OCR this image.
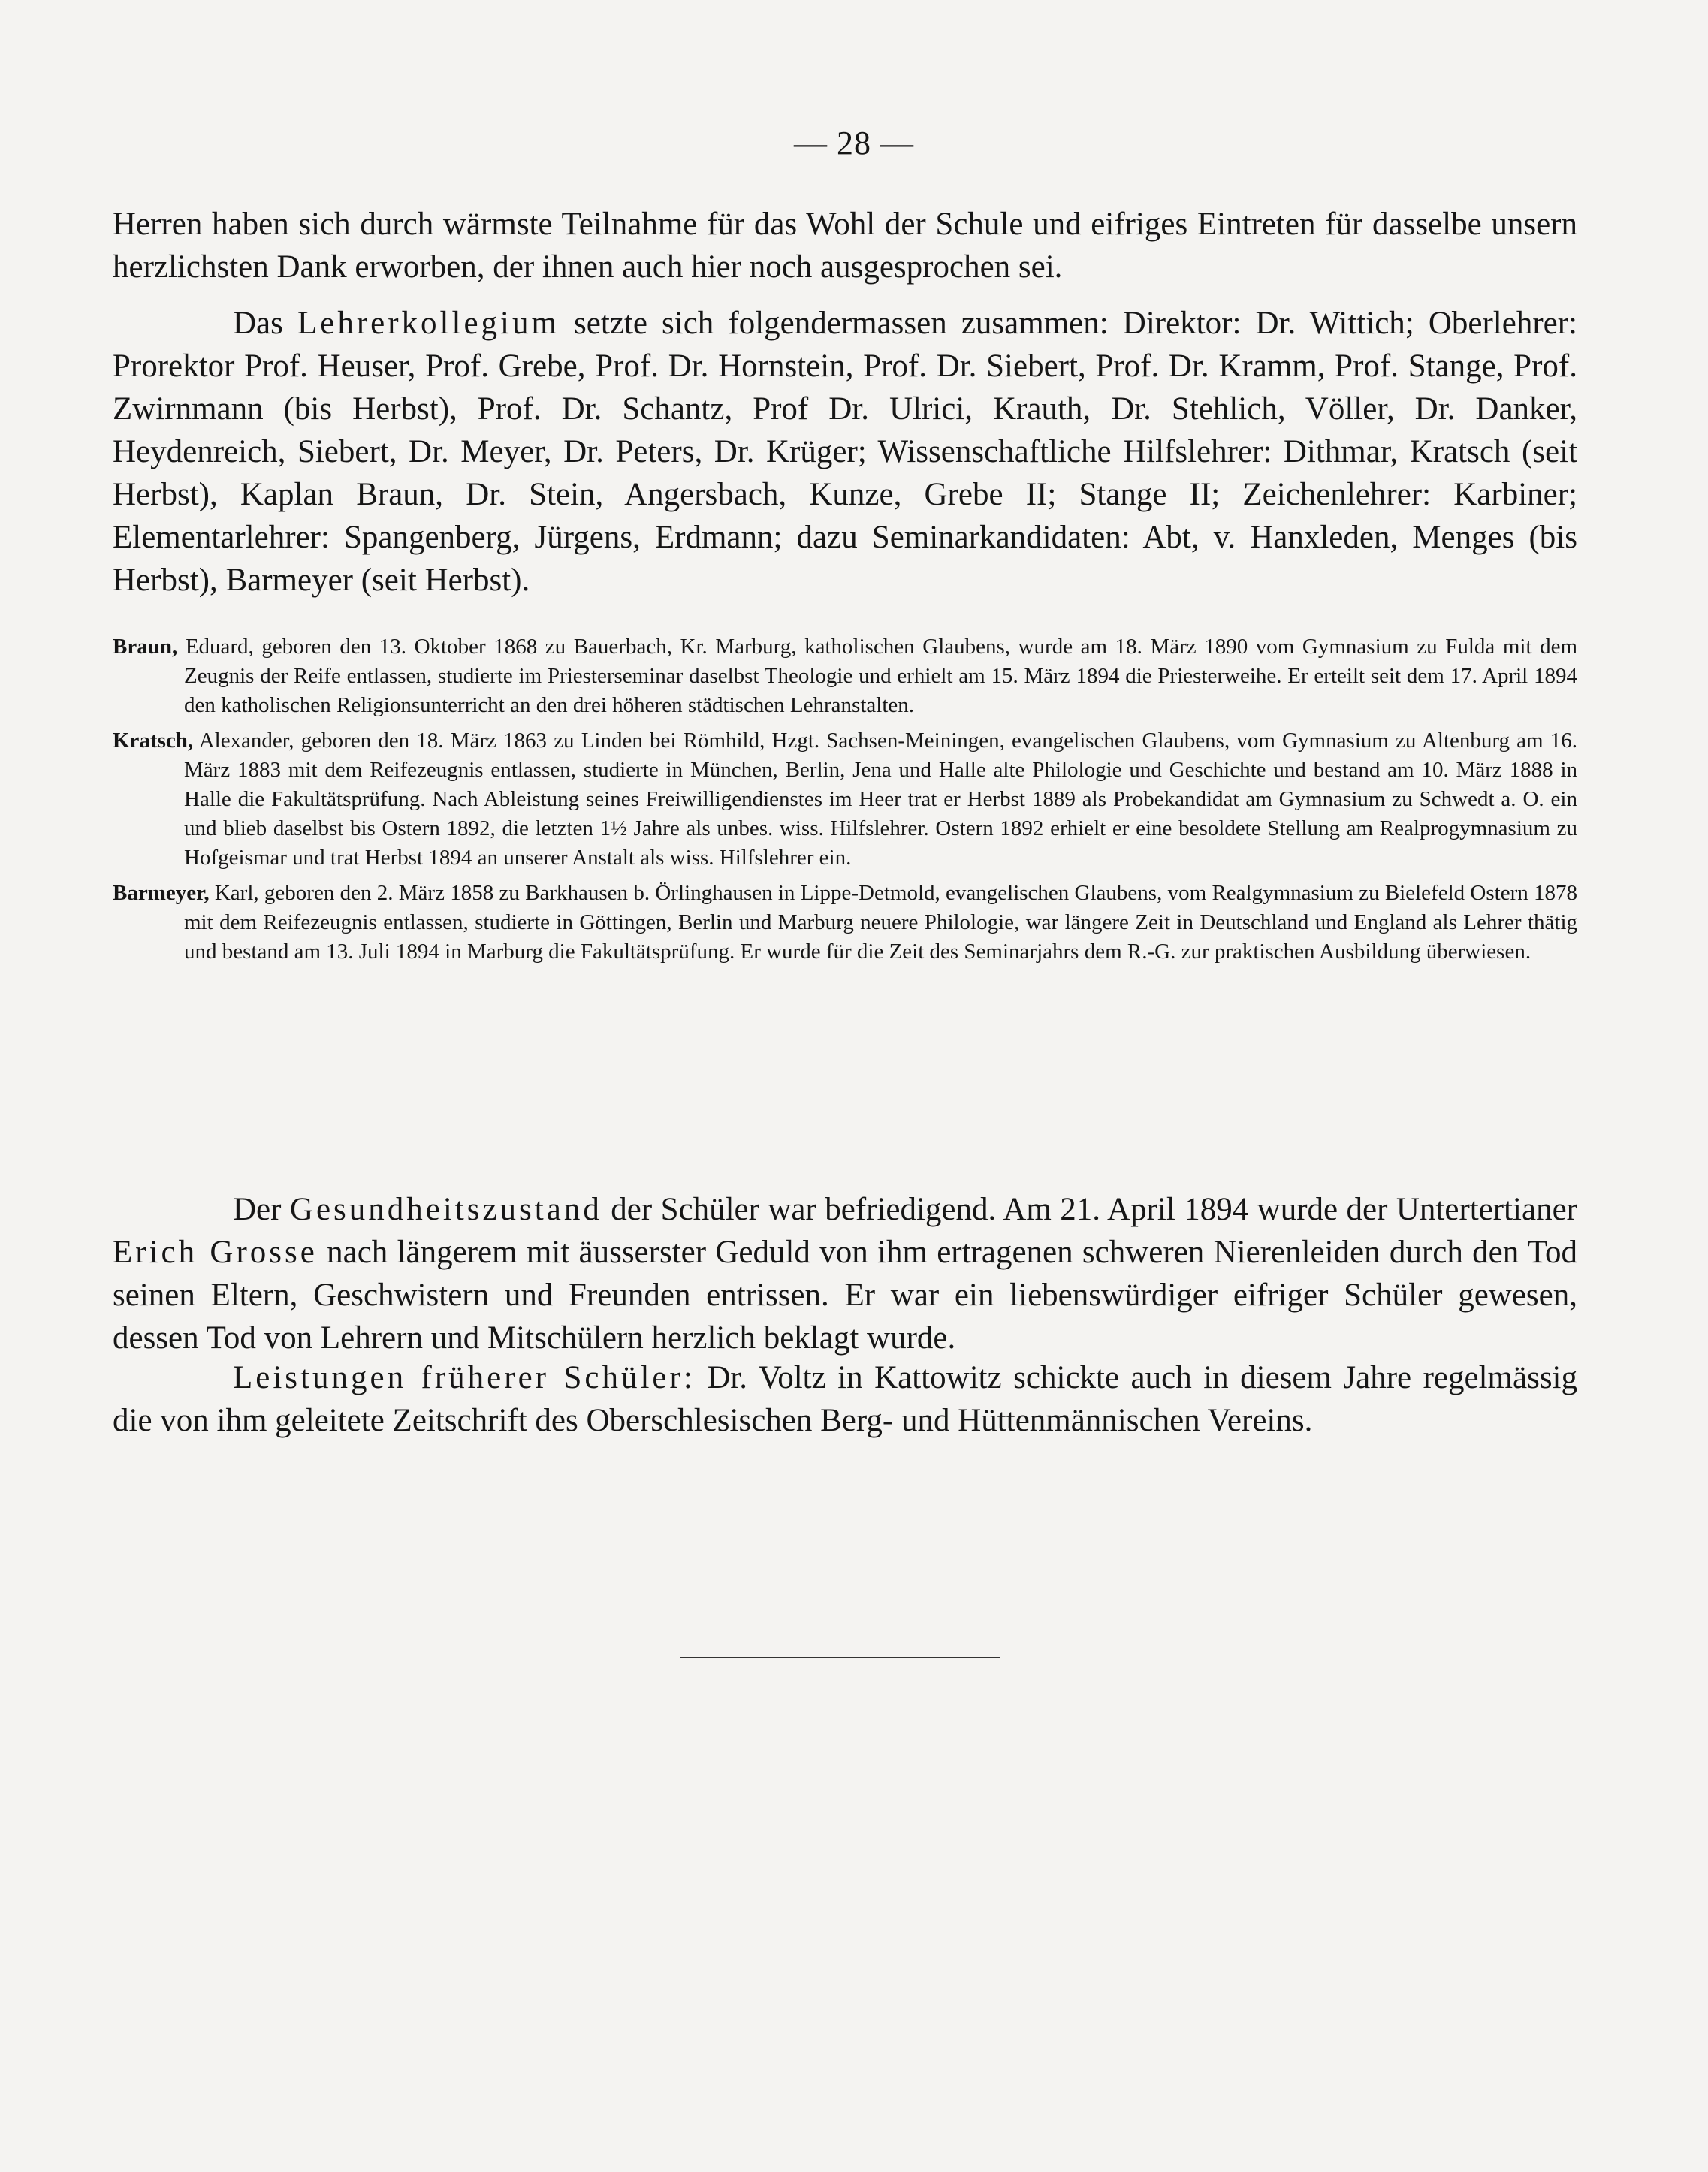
— 28 —

Herren haben sich durch wärmste Teilnahme für das Wohl der Schule und eifriges Eintreten für dasselbe unsern herzlichsten Dank erworben, der ihnen auch hier noch ausgesprochen sei.

Das Lehrerkollegium setzte sich folgendermassen zusammen: Direktor: Dr. Wittich; Oberlehrer: Prorektor Prof. Heuser, Prof. Grebe, Prof. Dr. Hornstein, Prof. Dr. Siebert, Prof. Dr. Kramm, Prof. Stange, Prof. Zwirnmann (bis Herbst), Prof. Dr. Schantz, Prof Dr. Ulrici, Krauth, Dr. Stehlich, Völler, Dr. Danker, Heydenreich, Siebert, Dr. Meyer, Dr. Peters, Dr. Krüger; Wissenschaftliche Hilfslehrer: Dithmar, Kratsch (seit Herbst), Kaplan Braun, Dr. Stein, Angersbach, Kunze, Grebe II; Stange II; Zeichenlehrer: Karbiner; Elementarlehrer: Spangenberg, Jürgens, Erdmann; dazu Seminarkandidaten: Abt, v. Hanxleden, Menges (bis Herbst), Barmeyer (seit Herbst).

Braun, Eduard, geboren den 13. Oktober 1868 zu Bauerbach, Kr. Marburg, katholischen Glaubens, wurde am 18. März 1890 vom Gymnasium zu Fulda mit dem Zeugnis der Reife entlassen, studierte im Priesterseminar daselbst Theologie und erhielt am 15. März 1894 die Priesterweihe. Er erteilt seit dem 17. April 1894 den katholischen Religionsunterricht an den drei höheren städtischen Lehranstalten.

Kratsch, Alexander, geboren den 18. März 1863 zu Linden bei Römhild, Hzgt. Sachsen-Meiningen, evangelischen Glaubens, vom Gymnasium zu Altenburg am 16. März 1883 mit dem Reifezeugnis entlassen, studierte in München, Berlin, Jena und Halle alte Philologie und Geschichte und bestand am 10. März 1888 in Halle die Fakultätsprüfung. Nach Ableistung seines Freiwilligendienstes im Heer trat er Herbst 1889 als Probekandidat am Gymnasium zu Schwedt a. O. ein und blieb daselbst bis Ostern 1892, die letzten 1½ Jahre als unbes. wiss. Hilfslehrer. Ostern 1892 erhielt er eine besoldete Stellung am Realprogymnasium zu Hofgeismar und trat Herbst 1894 an unserer Anstalt als wiss. Hilfslehrer ein.

Barmeyer, Karl, geboren den 2. März 1858 zu Barkhausen b. Örlinghausen in Lippe-Detmold, evangelischen Glaubens, vom Realgymnasium zu Bielefeld Ostern 1878 mit dem Reifezeugnis entlassen, studierte in Göttingen, Berlin und Marburg neuere Philologie, war längere Zeit in Deutschland und England als Lehrer thätig und bestand am 13. Juli 1894 in Marburg die Fakultätsprüfung. Er wurde für die Zeit des Seminarjahrs dem R.-G. zur praktischen Ausbildung überwiesen.

Der Gesundheitszustand der Schüler war befriedigend. Am 21. April 1894 wurde der Untertertianer Erich Grosse nach längerem mit äusserster Geduld von ihm ertragenen schweren Nierenleiden durch den Tod seinen Eltern, Geschwistern und Freunden entrissen. Er war ein liebenswürdiger eifriger Schüler gewesen, dessen Tod von Lehrern und Mitschülern herzlich beklagt wurde.

Leistungen früherer Schüler: Dr. Voltz in Kattowitz schickte auch in diesem Jahre regelmässig die von ihm geleitete Zeitschrift des Oberschlesischen Berg- und Hüttenmännischen Vereins.
